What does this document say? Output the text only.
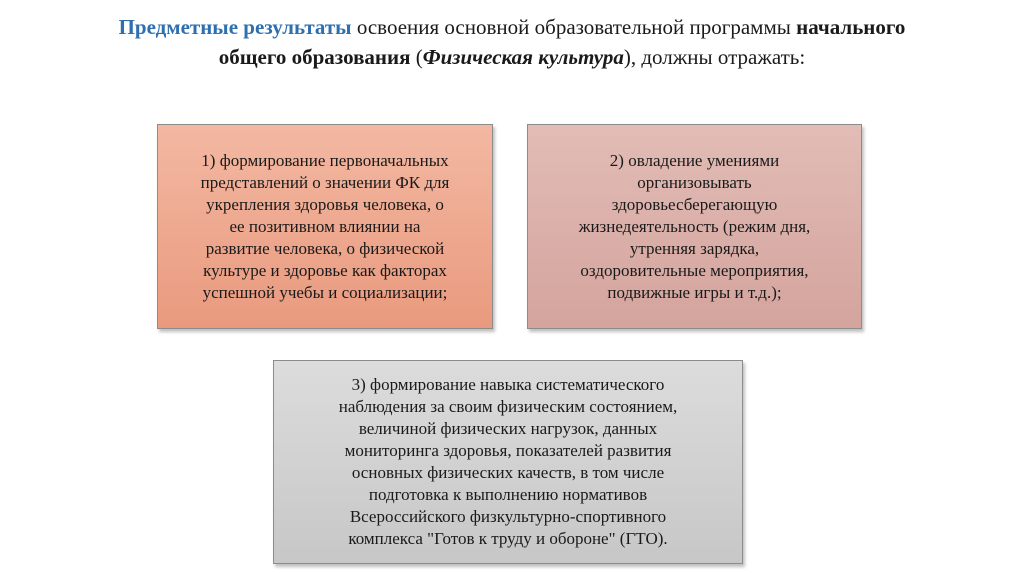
Предметные результаты освоения основной образовательной программы начального
общего образования (Физическая культура), должны отражать:
1) формирование первоначальных
представлений о значении ФК для
укрепления здоровья человека, о
ее позитивном влиянии на
развитие человека, о физической
культуре и здоровье как факторах
успешной учебы и социализации;
2) овладение умениями
организовывать
здоровьесберегающую
жизнедеятельность (режим дня,
утренняя зарядка,
оздоровительные мероприятия,
подвижные игры и т.д.);
3) формирование навыка систематического
наблюдения за своим физическим состоянием,
величиной физических нагрузок, данных
мониторинга здоровья, показателей развития
основных физических качеств, в том числе
подготовка к выполнению нормативов
Всероссийского физкультурно-спортивного
комплекса "Готов к труду и обороне" (ГТО).
